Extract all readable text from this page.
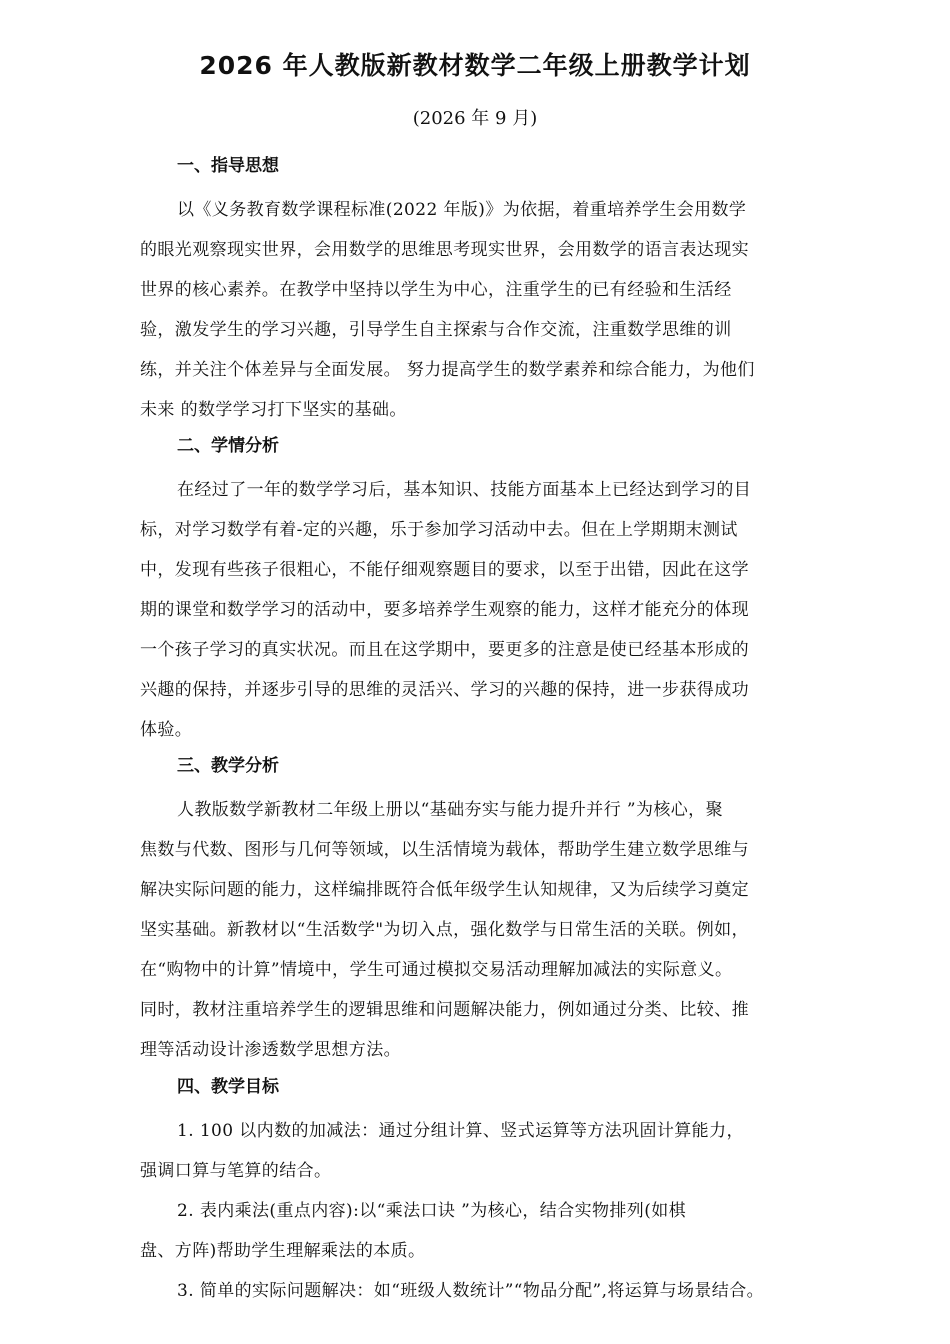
2026 年人教版新教材数学二年级上册教学计划
(2026 年 9 月)
一、指导思想
以《义务教育数学课程标准(2022 年版)》为依据，着重培养学生会用数学
的眼光观察现实世界，会用数学的思维思考现实世界，会用数学的语言表达现实
世界的核心素养。在教学中坚持以学生为中心，注重学生的已有经验和生活经
验，激发学生的学习兴趣，引导学生自主探索与合作交流，注重数学思维的训
练，并关注个体差异与全面发展。 努力提高学生的数学素养和综合能力，为他们
未来 的数学学习打下坚实的基础。
二、学情分析
在经过了一年的数学学习后，基本知识、技能方面基本上已经达到学习的目
标，对学习数学有着-定的兴趣，乐于参加学习活动中去。但在上学期期末测试
中，发现有些孩子很粗心，不能仔细观察题目的要求，以至于出错，因此在这学
期的课堂和数学学习的活动中，要多培养学生观察的能力，这样才能充分的体现
一个孩子学习的真实状况。而且在这学期中，要更多的注意是使已经基本形成的
兴趣的保持，并逐步引导的思维的灵活兴、学习的兴趣的保持，进一步获得成功
体验。
三、教学分析
人教版数学新教材二年级上册以“基础夯实与能力提升并行 ”为核心，聚
焦数与代数、图形与几何等领域，以生活情境为载体，帮助学生建立数学思维与
解决实际问题的能力，这样编排既符合低年级学生认知规律，又为后续学习奠定
坚实基础。新教材以“生活数学"为切入点，强化数学与日常生活的关联。例如，
在“购物中的计算”情境中，学生可通过模拟交易活动理解加减法的实际意义。
同时，教材注重培养学生的逻辑思维和问题解决能力，例如通过分类、比较、推
理等活动设计渗透数学思想方法。
四、教学目标
1. 100 以内数的加减法：通过分组计算、竖式运算等方法巩固计算能力，
强调口算与笔算的结合。
2. 表内乘法(重点内容):以“乘法口诀 ”为核心，结合实物排列(如棋
盘、方阵)帮助学生理解乘法的本质。
3. 简单的实际问题解决：如“班级人数统计”“物品分配”,将运算与场景结合。
